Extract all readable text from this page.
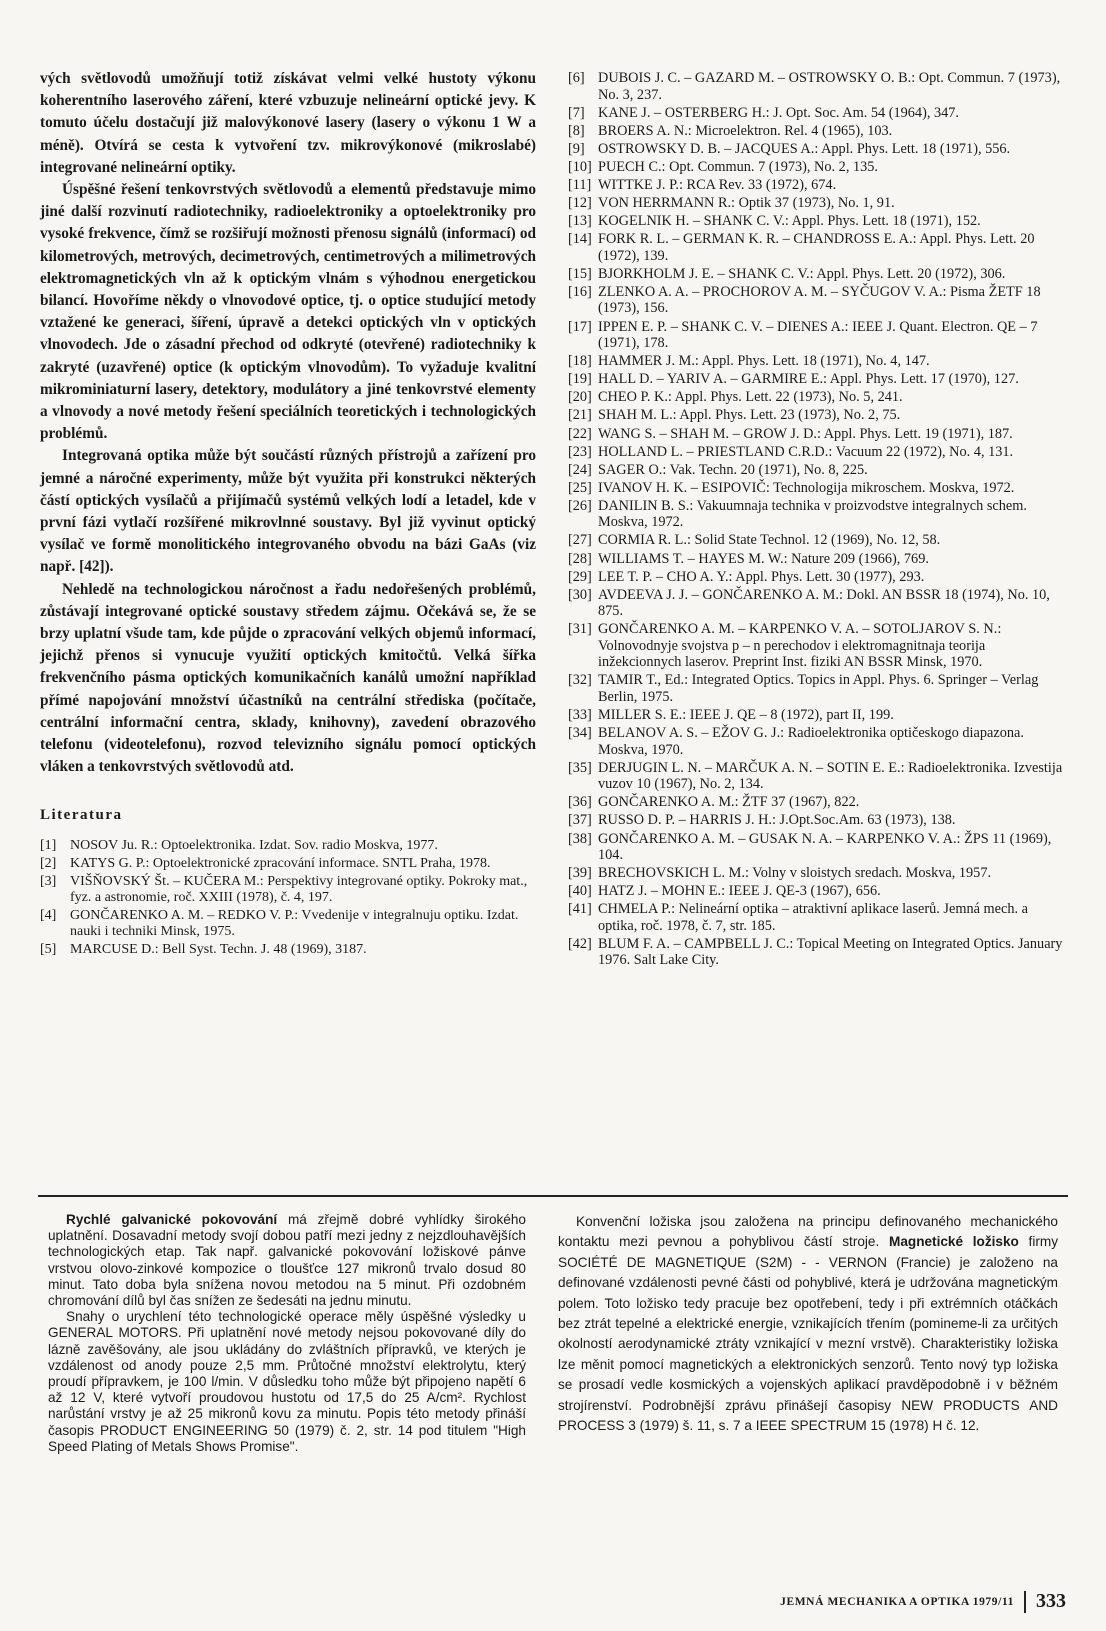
vých světlovodů umožňují totiž získávat velmi velké hustoty výkonu koherentního laserového záření, které vzbuzuje nelineární optické jevy. K tomuto účelu dostačují již malovýkonové lasery (lasery o výkonu 1 W a méně). Otvírá se cesta k vytvoření tzv. mikrovýkonové (mikroslabé) integrované nelineární optiky.

Úspěšné řešení tenkovrstvých světlovodů a elementů představuje mimo jiné další rozvinutí radiotechniky, radioelektroniky a optoelektroniky pro vysoké frekvence, čímž se rozšiřují možnosti přenosu signálů (informací) od kilometrových, metrových, decimetrových, centimetrových a milimetrových elektromagnetických vln až k optickým vlnám s výhodnou energetickou bilancí. Hovoříme někdy o vlnovodové optice, tj. o optice studující metody vztažené ke generaci, šíření, úpravě a detekci optických vln v optických vlnovodech. Jde o zásadní přechod od odkryté (otevřené) radiotechniky k zakryté (uzavřené) optice (k optickým vlnovodům). To vyžaduje kvalitní mikrominiaturní lasery, detektory, modulátory a jiné tenkovrstvé elementy a vlnovody a nové metody řešení speciálních teoretických i technologických problémů.

Integrovaná optika může být součástí různých přístrojů a zařízení pro jemné a náročné experimenty, může být využita při konstrukci některých částí optických vysílačů a přijímačů systémů velkých lodí a letadel, kde v první fázi vytlačí rozšířené mikrovlnné soustavy. Byl již vyvinut optický vysílač ve formě monolitického integrovaného obvodu na bázi GaAs (viz např. [42]).

Nehledě na technologickou náročnost a řadu nedořešených problémů, zůstávají integrované optické soustavy středem zájmu. Očekává se, že se brzy uplatní všude tam, kde půjde o zpracování velkých objemů informací, jejichž přenos si vynucuje využití optických kmitočtů. Velká šířka frekvenčního pásma optických komunikačních kanálů umožní například přímé napojování množství účastníků na centrální střediska (počítače, centrální informační centra, sklady, knihovny), zavedení obrazového telefonu (videotelefonu), rozvod televizního signálu pomocí optických vláken a tenkovrstvých světlovodů atd.

Literatura
[1] NOSOV Ju. R.: Optoelektronika. Izdat. Sov. radio Moskva, 1977.
[2] KATYS G. P.: Optoelektronické zpracování informace. SNTL Praha, 1978.
[3] VIŠŇOVSKÝ Št. – KUČERA M.: Perspektivy integrované optiky. Pokroky mat., fyz. a astronomie, roč. XXIII (1978), č. 4, 197.
[4] GONČARENKO A. M. – REDKO V. P.: Vvedenije v integralnuju optiku. Izdat. nauki i techniki Minsk, 1975.
[5] MARCUSE D.: Bell Syst. Techn. J. 48 (1969), 3187.
[6] DUBOIS J. C. – GAZARD M. – OSTROWSKY O. B.: Opt. Commun. 7 (1973), No. 3, 237.
[7] KANE J. – OSTERBERG H.: J. Opt. Soc. Am. 54 (1964), 347.
[8] BROERS A. N.: Microelektron. Rel. 4 (1965), 103.
[9] OSTROWSKY D. B. – JACQUES A.: Appl. Phys. Lett. 18 (1971), 556.
[10] PUECH C.: Opt. Commun. 7 (1973), No. 2, 135.
[11] WITTKE J. P.: RCA Rev. 33 (1972), 674.
[12] VON HERRMANN R.: Optik 37 (1973), No. 1, 91.
[13] KOGELNIK H. – SHANK C. V.: Appl. Phys. Lett. 18 (1971), 152.
[14] FORK R. L. – GERMAN K. R. – CHANDROSS E. A.: Appl. Phys. Lett. 20 (1972), 139.
[15] BJORKHOLM J. E. – SHANK C. V.: Appl. Phys. Lett. 20 (1972), 306.
[16] ZLENKO A. A. – PROCHOROV A. M. – SYČUGOV V. A.: Pisma ŽETF 18 (1973), 156.
[17] IPPEN E. P. – SHANK C. V. – DIENES A.: IEEE J. Quant. Electron. QE – 7 (1971), 178.
[18] HAMMER J. M.: Appl. Phys. Lett. 18 (1971), No. 4, 147.
[19] HALL D. – YARIV A. – GARMIRE E.: Appl. Phys. Lett. 17 (1970), 127.
[20] CHEO P. K.: Appl. Phys. Lett. 22 (1973), No. 5, 241.
[21] SHAH M. L.: Appl. Phys. Lett. 23 (1973), No. 2, 75.
[22] WANG S. – SHAH M. – GROW J. D.: Appl. Phys. Lett. 19 (1971), 187.
[23] HOLLAND L. – PRIESTLAND C.R.D.: Vacuum 22 (1972), No. 4, 131.
[24] SAGER O.: Vak. Techn. 20 (1971), No. 8, 225.
[25] IVANOV H. K. – ESIPOVIČ: Technologija mikroschem. Moskva, 1972.
[26] DANILIN B. S.: Vakuumnaja technika v proizvodstve integralnych schem. Moskva, 1972.
[27] CORMIA R. L.: Solid State Technol. 12 (1969), No. 12, 58.
[28] WILLIAMS T. – HAYES M. W.: Nature 209 (1966), 769.
[29] LEE T. P. – CHO A. Y.: Appl. Phys. Lett. 30 (1977), 293.
[30] AVDEEVA J. J. – GONČARENKO A. M.: Dokl. AN BSSR 18 (1974), No. 10, 875.
[31] GONČARENKO A. M. – KARPENKO V. A. – SOTOLJAROV S. N.: Volnovodnyje svojstva p – n perechodov i elektromagnitnaja teorija inžekcionnych laserov. Preprint Inst. fiziki AN BSSR Minsk, 1970.
[32] TAMIR T., Ed.: Integrated Optics. Topics in Appl. Phys. 6. Springer – Verlag Berlin, 1975.
[33] MILLER S. E.: IEEE J. QE – 8 (1972), part II, 199.
[34] BELANOV A. S. – EŽOV G. J.: Radioelektronika optičeskogo diapazona. Moskva, 1970.
[35] DERJUGIN L. N. – MARČUK A. N. – SOTIN E. E.: Radioelektronika. Izvestija vuzov 10 (1967), No. 2, 134.
[36] GONČARENKO A. M.: ŽTF 37 (1967), 822.
[37] RUSSO D. P. – HARRIS J. H.: J.Opt.Soc.Am. 63 (1973), 138.
[38] GONČARENKO A. M. – GUSAK N. A. – KARPENKO V. A.: ŽPS 11 (1969), 104.
[39] BRECHOVSKICH L. M.: Volny v sloistych sredach. Moskva, 1957.
[40] HATZ J. – MOHN E.: IEEE J. QE-3 (1967), 656.
[41] CHMELA P.: Nelineární optika – atraktivní aplikace laserů. Jemná mech. a optika, roč. 1978, č. 7, str. 185.
[42] BLUM F. A. – CAMPBELL J. C.: Topical Meeting on Integrated Optics. January 1976. Salt Lake City.

Rychlé galvanické pokovování má zřejmě dobré vyhlídky širokého uplatnění. Dosavadní metody svojí dobou patří mezi jedny z nejzdlouhavějších technologických etap. Tak např. galvanické pokovování ložiskové pánve vrstvou olovo-zinkové kompozice o tloušťce 127 mikronů trvalo dosud 80 minut. Tato doba byla snížena novou metodou na 5 minut. Při ozdobném chromování dílů byl čas snížen ze šedesáti na jednu minutu.

Snahy o urychlení této technologické operace měly úspěšné výsledky u GENERAL MOTORS. Při uplatnění nové metody nejsou pokovované díly do lázně zavěšovány, ale jsou ukládány do zvláštních přípravků, ve kterých je vzdálenost od anody pouze 2,5 mm. Průtočné množství elektrolytu, který proudí přípravkem, je 100 l/min. V důsledku toho může být připojeno napětí 6 až 12 V, které vytvoří proudovou hustotu od 17,5 do 25 A/cm². Rychlost narůstání vrstvy je až 25 mikronů kovu za minutu. Popis této metody přináší časopis PRODUCT ENGINEERING 50 (1979) č. 2, str. 14 pod titulem "High Speed Plating of Metals Shows Promise".

Konvenční ložiska jsou založena na principu definovaného mechanického kontaktu mezi pevnou a pohyblivou částí stroje. Magnetické ložisko firmy SOCIÉTÉ DE MAGNETIQUE (S2M) - - VERNON (Francie) je založeno na definované vzdálenosti pevné části od pohyblivé, která je udržována magnetickým polem. Toto ložisko tedy pracuje bez opotřebení, tedy i při extrémních otáčkách bez ztrát tepelné a elektrické energie, vznikajících třením (pomineme-li za určitých okolností aerodynamické ztráty vznikající v mezní vrstvě). Charakteristiky ložiska lze měnit pomocí magnetických a elektronických senzorů. Tento nový typ ložiska se prosadí vedle kosmických a vojenských aplikací pravděpodobně i v běžném strojírenství. Podrobnější zprávu přinášejí časopisy NEW PRODUCTS AND PROCESS 3 (1979) š. 11, s. 7 a IEEE SPECTRUM 15 (1978) H č. 12.

JEMNÁ MECHANIKA A OPTIKA 1979/11 333
